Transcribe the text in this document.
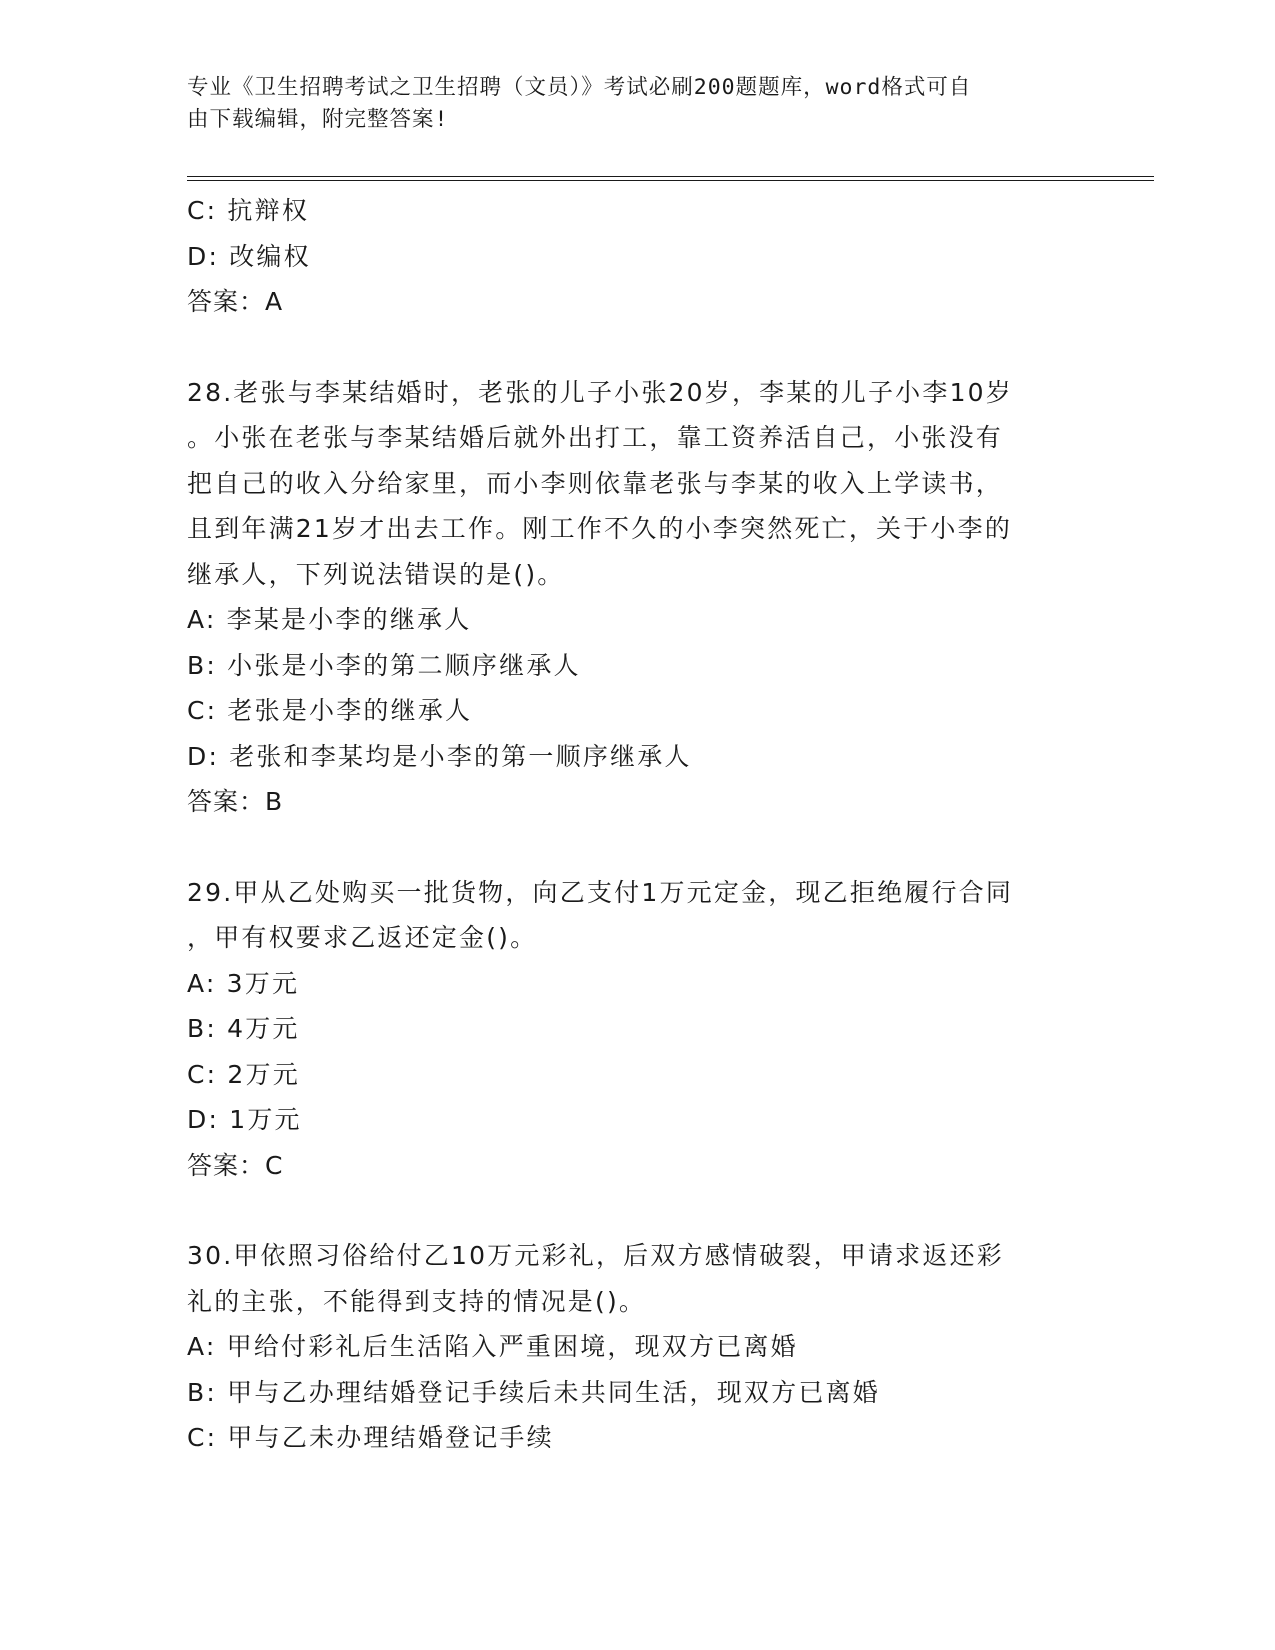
专业《卫生招聘考试之卫生招聘（文员）》考试必刷200题题库，word格式可自
由下载编辑，附完整答案!
C: 抗辩权
D: 改编权
答案：A
28.老张与李某结婚时，老张的儿子小张20岁，李某的儿子小李10岁
。小张在老张与李某结婚后就外出打工，靠工资养活自己，小张没有
把自己的收入分给家里，而小李则依靠老张与李某的收入上学读书，
且到年满21岁才出去工作。刚工作不久的小李突然死亡，关于小李的
继承人，下列说法错误的是()。
A: 李某是小李的继承人
B: 小张是小李的第二顺序继承人
C: 老张是小李的继承人
D: 老张和李某均是小李的第一顺序继承人
答案：B
29.甲从乙处购买一批货物，向乙支付1万元定金，现乙拒绝履行合同
，甲有权要求乙返还定金()。
A: 3万元
B: 4万元
C: 2万元
D: 1万元
答案：C
30.甲依照习俗给付乙10万元彩礼，后双方感情破裂，甲请求返还彩
礼的主张，不能得到支持的情况是()。
A: 甲给付彩礼后生活陷入严重困境，现双方已离婚
B: 甲与乙办理结婚登记手续后未共同生活，现双方已离婚
C: 甲与乙未办理结婚登记手续
